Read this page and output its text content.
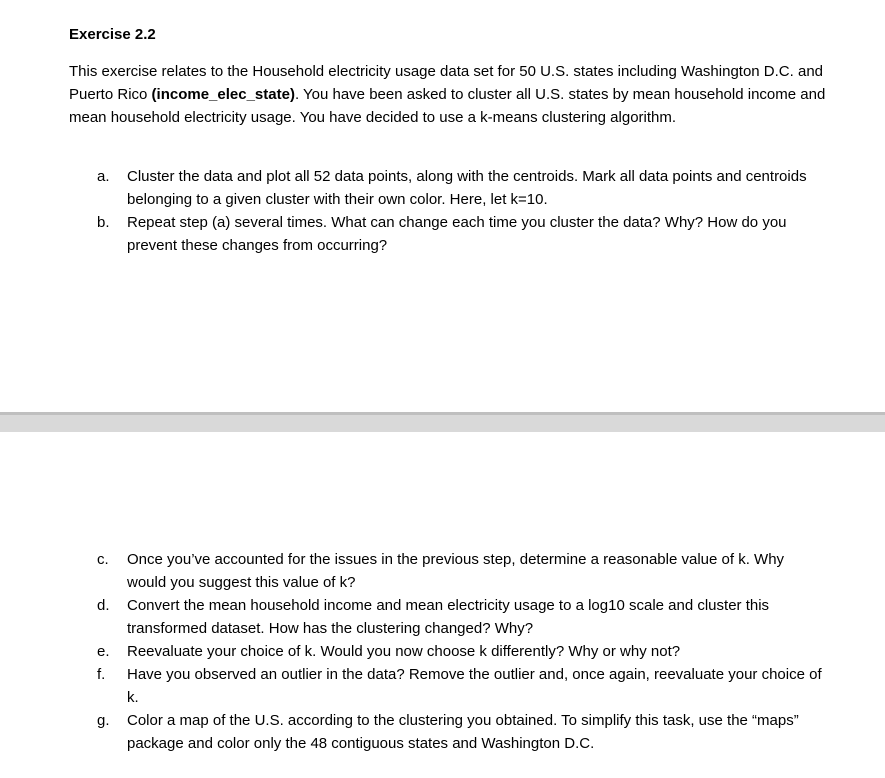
Exercise 2.2
This exercise relates to the Household electricity usage data set for 50 U.S. states including Washington D.C. and Puerto Rico (income_elec_state). You have been asked to cluster all U.S. states by mean household income and mean household electricity usage. You have decided to use a k-means clustering algorithm.
a.	Cluster the data and plot all 52 data points, along with the centroids. Mark all data points and centroids belonging to a given cluster with their own color. Here, let k=10.
b.	Repeat step (a) several times. What can change each time you cluster the data? Why? How do you prevent these changes from occurring?
c.	Once you’ve accounted for the issues in the previous step, determine a reasonable value of k. Why would you suggest this value of k?
d.	Convert the mean household income and mean electricity usage to a log10 scale and cluster this transformed dataset. How has the clustering changed? Why?
e.	Reevaluate your choice of k. Would you now choose k differently? Why or why not?
f.	Have you observed an outlier in the data? Remove the outlier and, once again, reevaluate your choice of k.
g.	Color a map of the U.S. according to the clustering you obtained. To simplify this task, use the “maps” package and color only the 48 contiguous states and Washington D.C.
